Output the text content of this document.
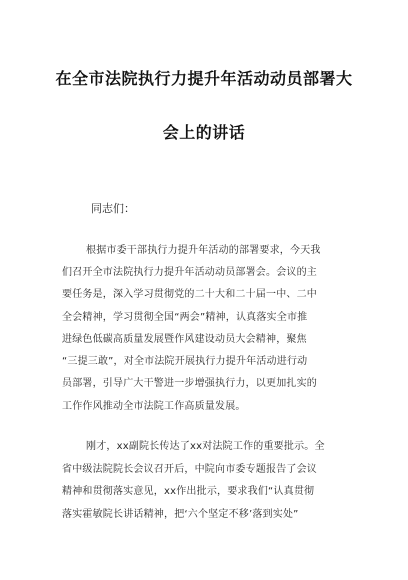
在全市法院执行力提升年活动动员部署大
会上的讲话
同志们：
根据市委干部执行力提升年活动的部署要求，今天我
们召开全市法院执行力提升年活动动员部署会。会议的主
要任务是，深入学习贯彻党的二十大和二十届一中、二中
全会精神，学习贯彻全国“两会”精神，认真落实全市推
进绿色低碳高质量发展暨作风建设动员大会精神，聚焦
“三提三敢”，对全市法院开展执行力提升年活动进行动
员部署，引导广大干警进一步增强执行力，以更加扎实的
工作作风推动全市法院工作高质量发展。
刚才，xx副院长传达了xx对法院工作的重要批示。全
省中级法院院长会议召开后，中院向市委专题报告了会议
精神和贯彻落实意见，xx作出批示，要求我们“认真贯彻
落实霍敏院长讲话精神，把‘六个坚定不移’落到实处”
